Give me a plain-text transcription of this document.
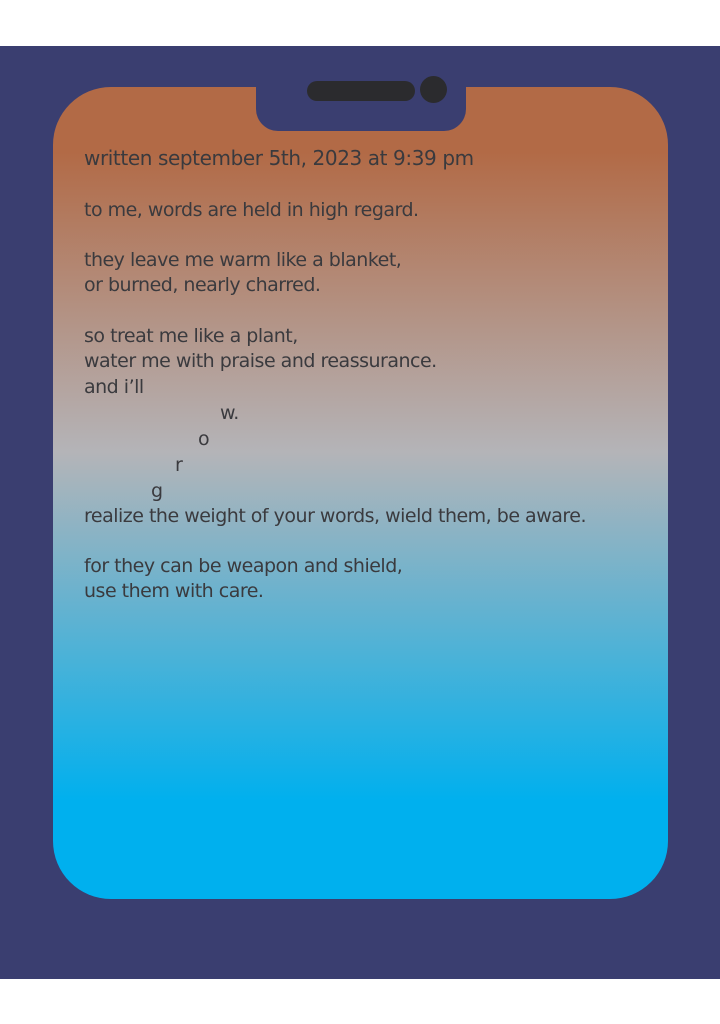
written september 5th, 2023 at 9:39 pm
to me, words are held in high regard.
they leave me warm like a blanket,
or burned, nearly charred.
so treat me like a plant,
water me with praise and reassurance.
and i’ll
w.
o
r
g
realize the weight of your words, wield them, be aware.
for they can be weapon and shield,
use them with care.
